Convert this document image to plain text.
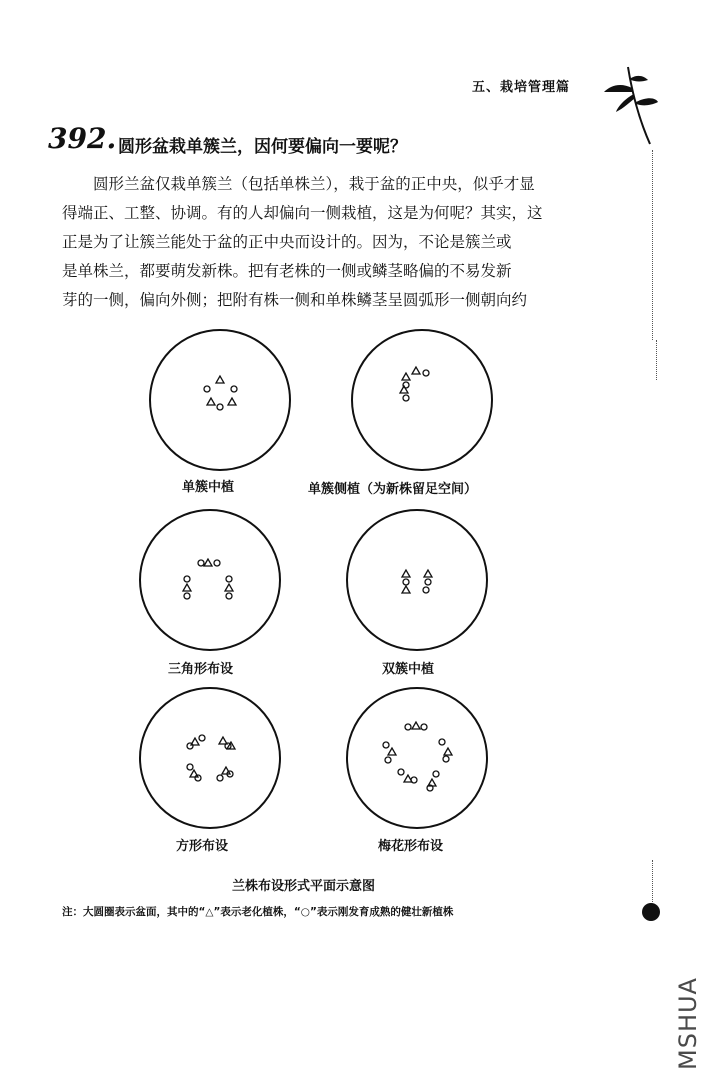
五、栽培管理篇
392. 圆形盆栽单簇兰，因何要偏向一要呢？

圆形兰盆仅栽单簇兰（包括单株兰），栽于盆的正中央，似乎才显

得端正、工整、协调。有的人却偏向一侧栽植，这是为何呢？其实，这

正是为了让簇兰能处于盆的正中央而设计的。因为，不论是簇兰或

是单株兰，都要萌发新株。把有老株的一侧或鳞茎略偏的不易发新

芽的一侧，偏向外侧；把附有株一侧和单株鳞茎呈圆弧形一侧朝向约

单簇中植	单簇侧植（为新株留足空间）
三角形布设	双簇中植
方形布设	梅花形布设
兰株布设形式平面示意图
注：大圆圈表示盆面，其中的“△”表示老化植株，“○”表示刚发育成熟的健壮新植株
MSHUA
